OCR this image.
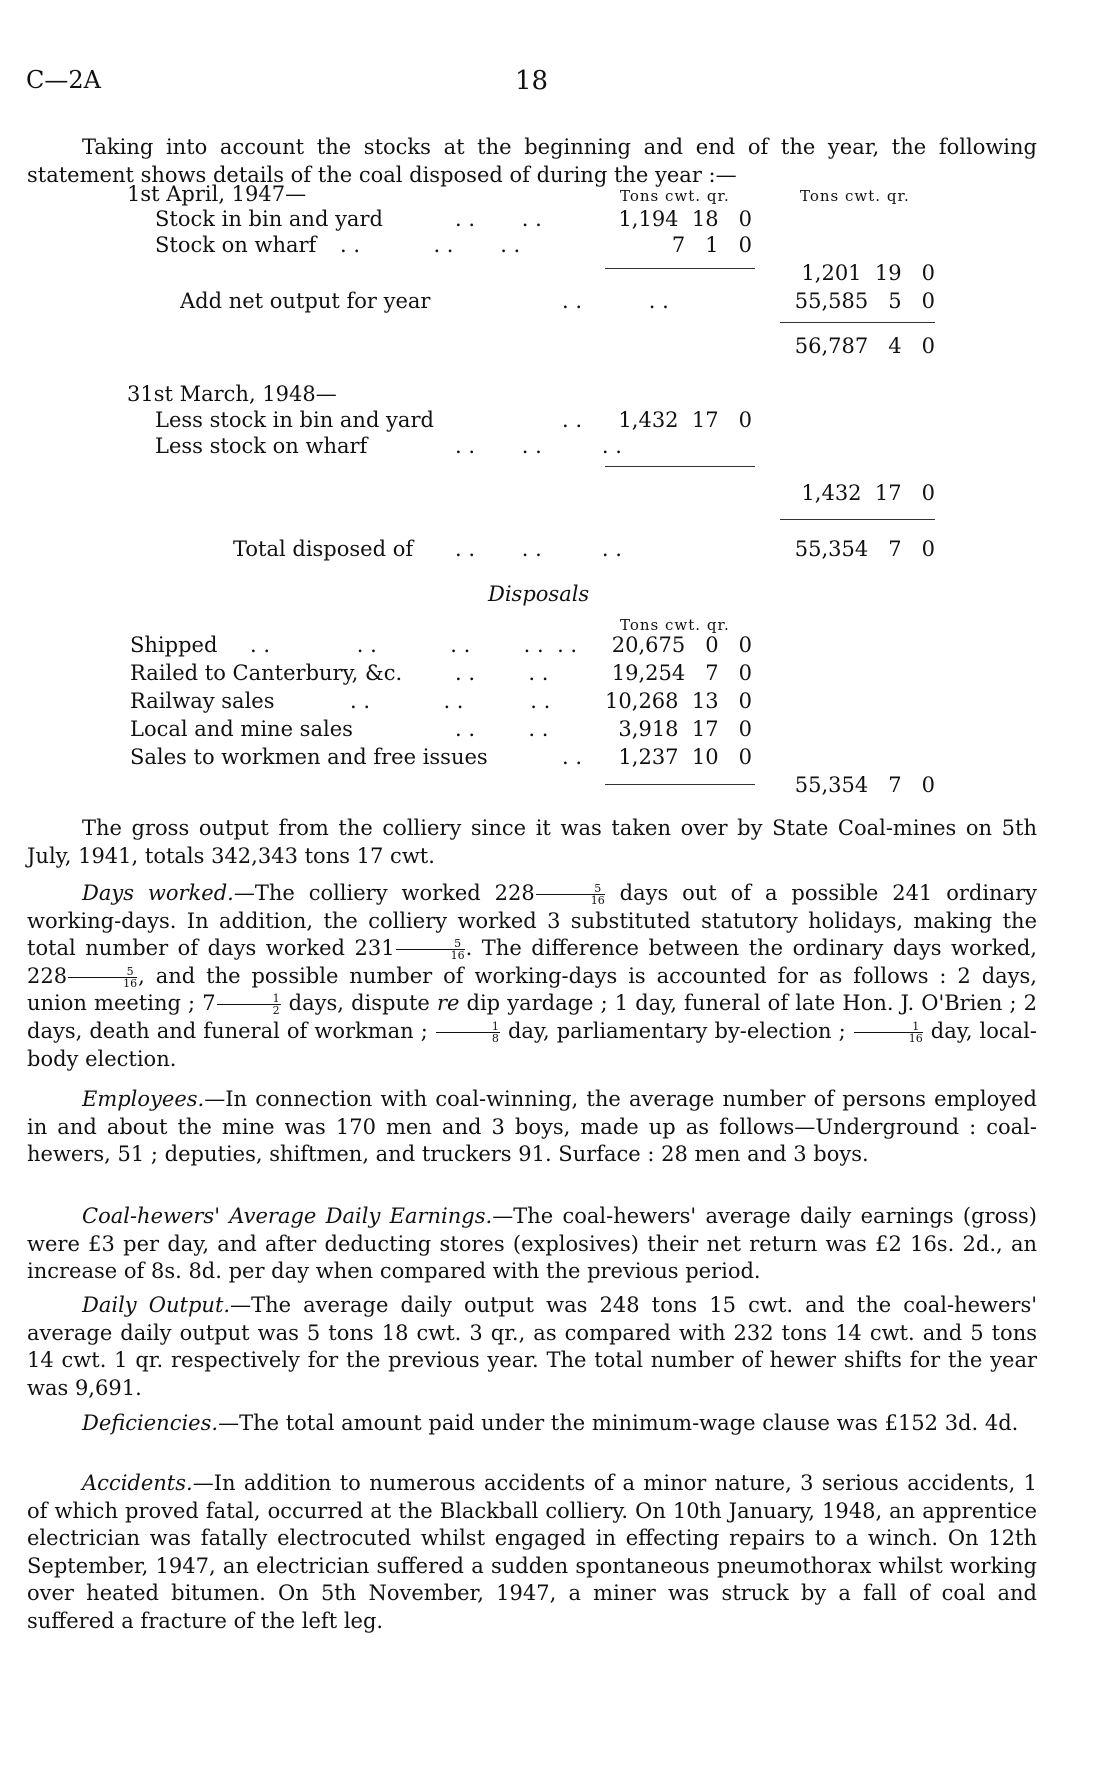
C—2A	18
Taking into account the stocks at the beginning and end of the year, the following statement shows details of the coal disposed of during the year :—
Tons cwt. qr.	Tons cwt. qr.
1st April, 1947—
Stock in bin and yard	. .       . .	1,194  18   0
Stock on wharf . .           . .       . .	7   1   0
1,201  19   0
Add net output for year	. .          . .	55,585   5   0
56,787   4   0
31st March, 1948—
Less stock in bin and yard	. .	1,432  17   0
Less stock on wharf	. .       . .         . .
1,432  17   0
Total disposed of . .       . .         . .	55,354   7   0
Disposals
Tons cwt. qr.
Shipped . .             . .           . .        . .  . .	20,675   0   0
Railed to Canterbury, &c.	. .        . .	19,254   7   0
Railway sales	. .           . .          . .	10,268  13   0
Local and mine sales	. .        . .	3,918  17   0
Sales to workmen and free issues	. .	1,237  10   0
55,354   7   0
The gross output from the colliery since it was taken over by State Coal-mines on 5th July, 1941, totals 342,343 tons 17 cwt.
Days worked.—The colliery worked $228 \frac{5}{16}$ days out of a possible 241 ordinary working-days. In addition, the colliery worked 3 substituted statutory holidays, making the total number of days worked $231 \frac{5}{16}$ . The difference between the ordinary days worked, $228 \frac{5}{16}$ , and the possible number of working-days is accounted for as follows : 2 days, union meeting ; $7 \frac{1}{2}$ days, dispute re dip yardage ; 1 day, funeral of late Hon. J. O'Brien ; 2 days, death and funeral of workman ; $\frac{1}{8}$ day, parliamentary by-election ; $\frac{1}{16}$ day, local-body election.
Employees.—In connection with coal-winning, the average number of persons employed in and about the mine was 170 men and 3 boys, made up as follows—Underground : coal-hewers, 51 ; deputies, shiftmen, and truckers 91. Surface : 28 men and 3 boys.
Coal-hewers' Average Daily Earnings.—The coal-hewers' average daily earnings (gross) were £3 per day, and after deducting stores (explosives) their net return was £2 16s. 2d., an increase of 8s. 8d. per day when compared with the previous period.
Daily Output.—The average daily output was 248 tons 15 cwt. and the coal-hewers' average daily output was 5 tons 18 cwt. 3 qr., as compared with 232 tons 14 cwt. and 5 tons 14 cwt. 1 qr. respectively for the previous year. The total number of hewer shifts for the year was 9,691.
Deficiencies.—The total amount paid under the minimum-wage clause was £152 3d. 4d.
Accidents.—In addition to numerous accidents of a minor nature, 3 serious accidents, 1 of which proved fatal, occurred at the Blackball colliery. On 10th January, 1948, an apprentice electrician was fatally electrocuted whilst engaged in effecting repairs to a winch. On 12th September, 1947, an electrician suffered a sudden spontaneous pneumothorax whilst working over heated bitumen. On 5th November, 1947, a miner was struck by a fall of coal and suffered a fracture of the left leg.
